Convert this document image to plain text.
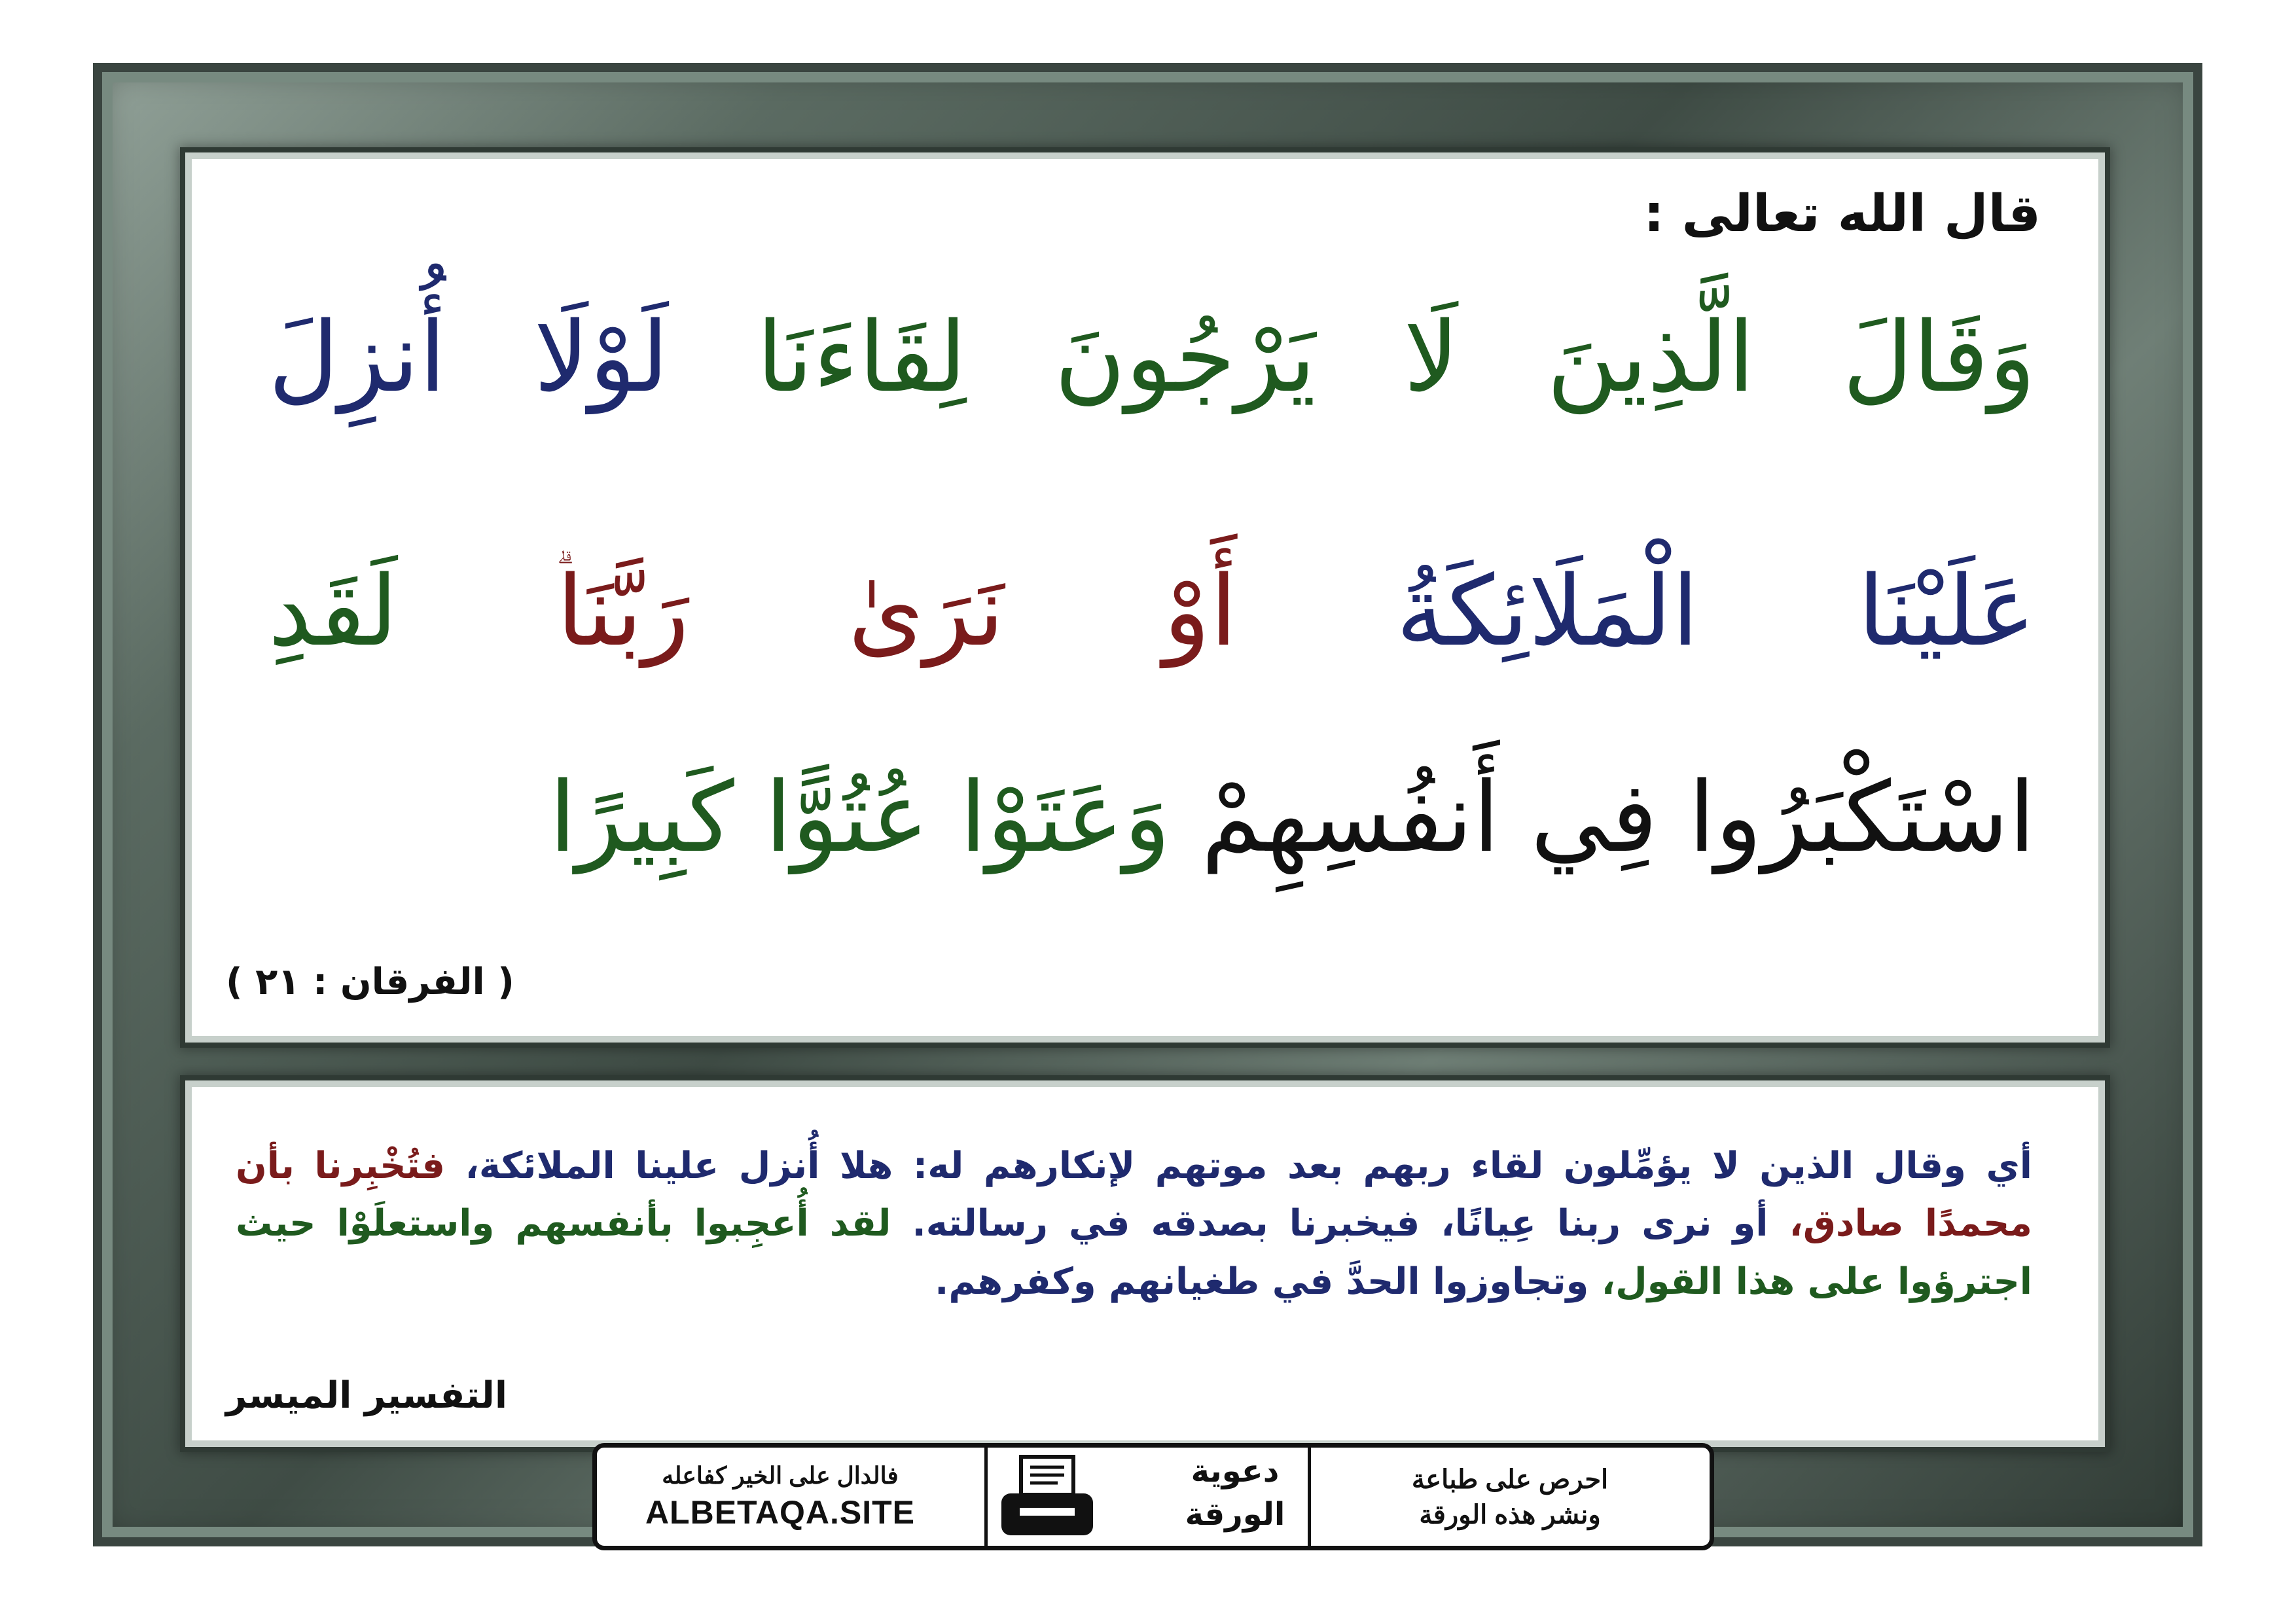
قال الله تعالى :
وَقَالَ الَّذِينَ لَا يَرْجُونَ لِقَاءَنَا لَوْلَا أُنزِلَ
عَلَيْنَا الْمَلَائِكَةُ أَوْ نَرَىٰ رَبَّنَا لَقَدِ
اسْتَكْبَرُوا فِي أَنفُسِهِمْ وَعَتَوْا عُتُوًّا كَبِيرًا
( الفرقان : ٢١ )
أي وقال الذين لا يؤمِّلون لقاء ربهم بعد موتهم لإنكارهم له: هلا أُنزل علينا الملائكة، فتُخْبِرنا بأن محمدًا صادق، أو نرى ربنا عِيانًا، فيخبرنا بصدقه في رسالته. لقد أُعجِبوا بأنفسهم واستعلَوْا حيث اجترؤوا على هذا القول، وتجاوزوا الحدَّ في طغيانهم وكفرهم.
التفسير الميسر
فالدال على الخير كفاعله
ALBETAQA.SITE
دعوية
الورقة
احرص على طباعة
ونشر هذه الورقة
